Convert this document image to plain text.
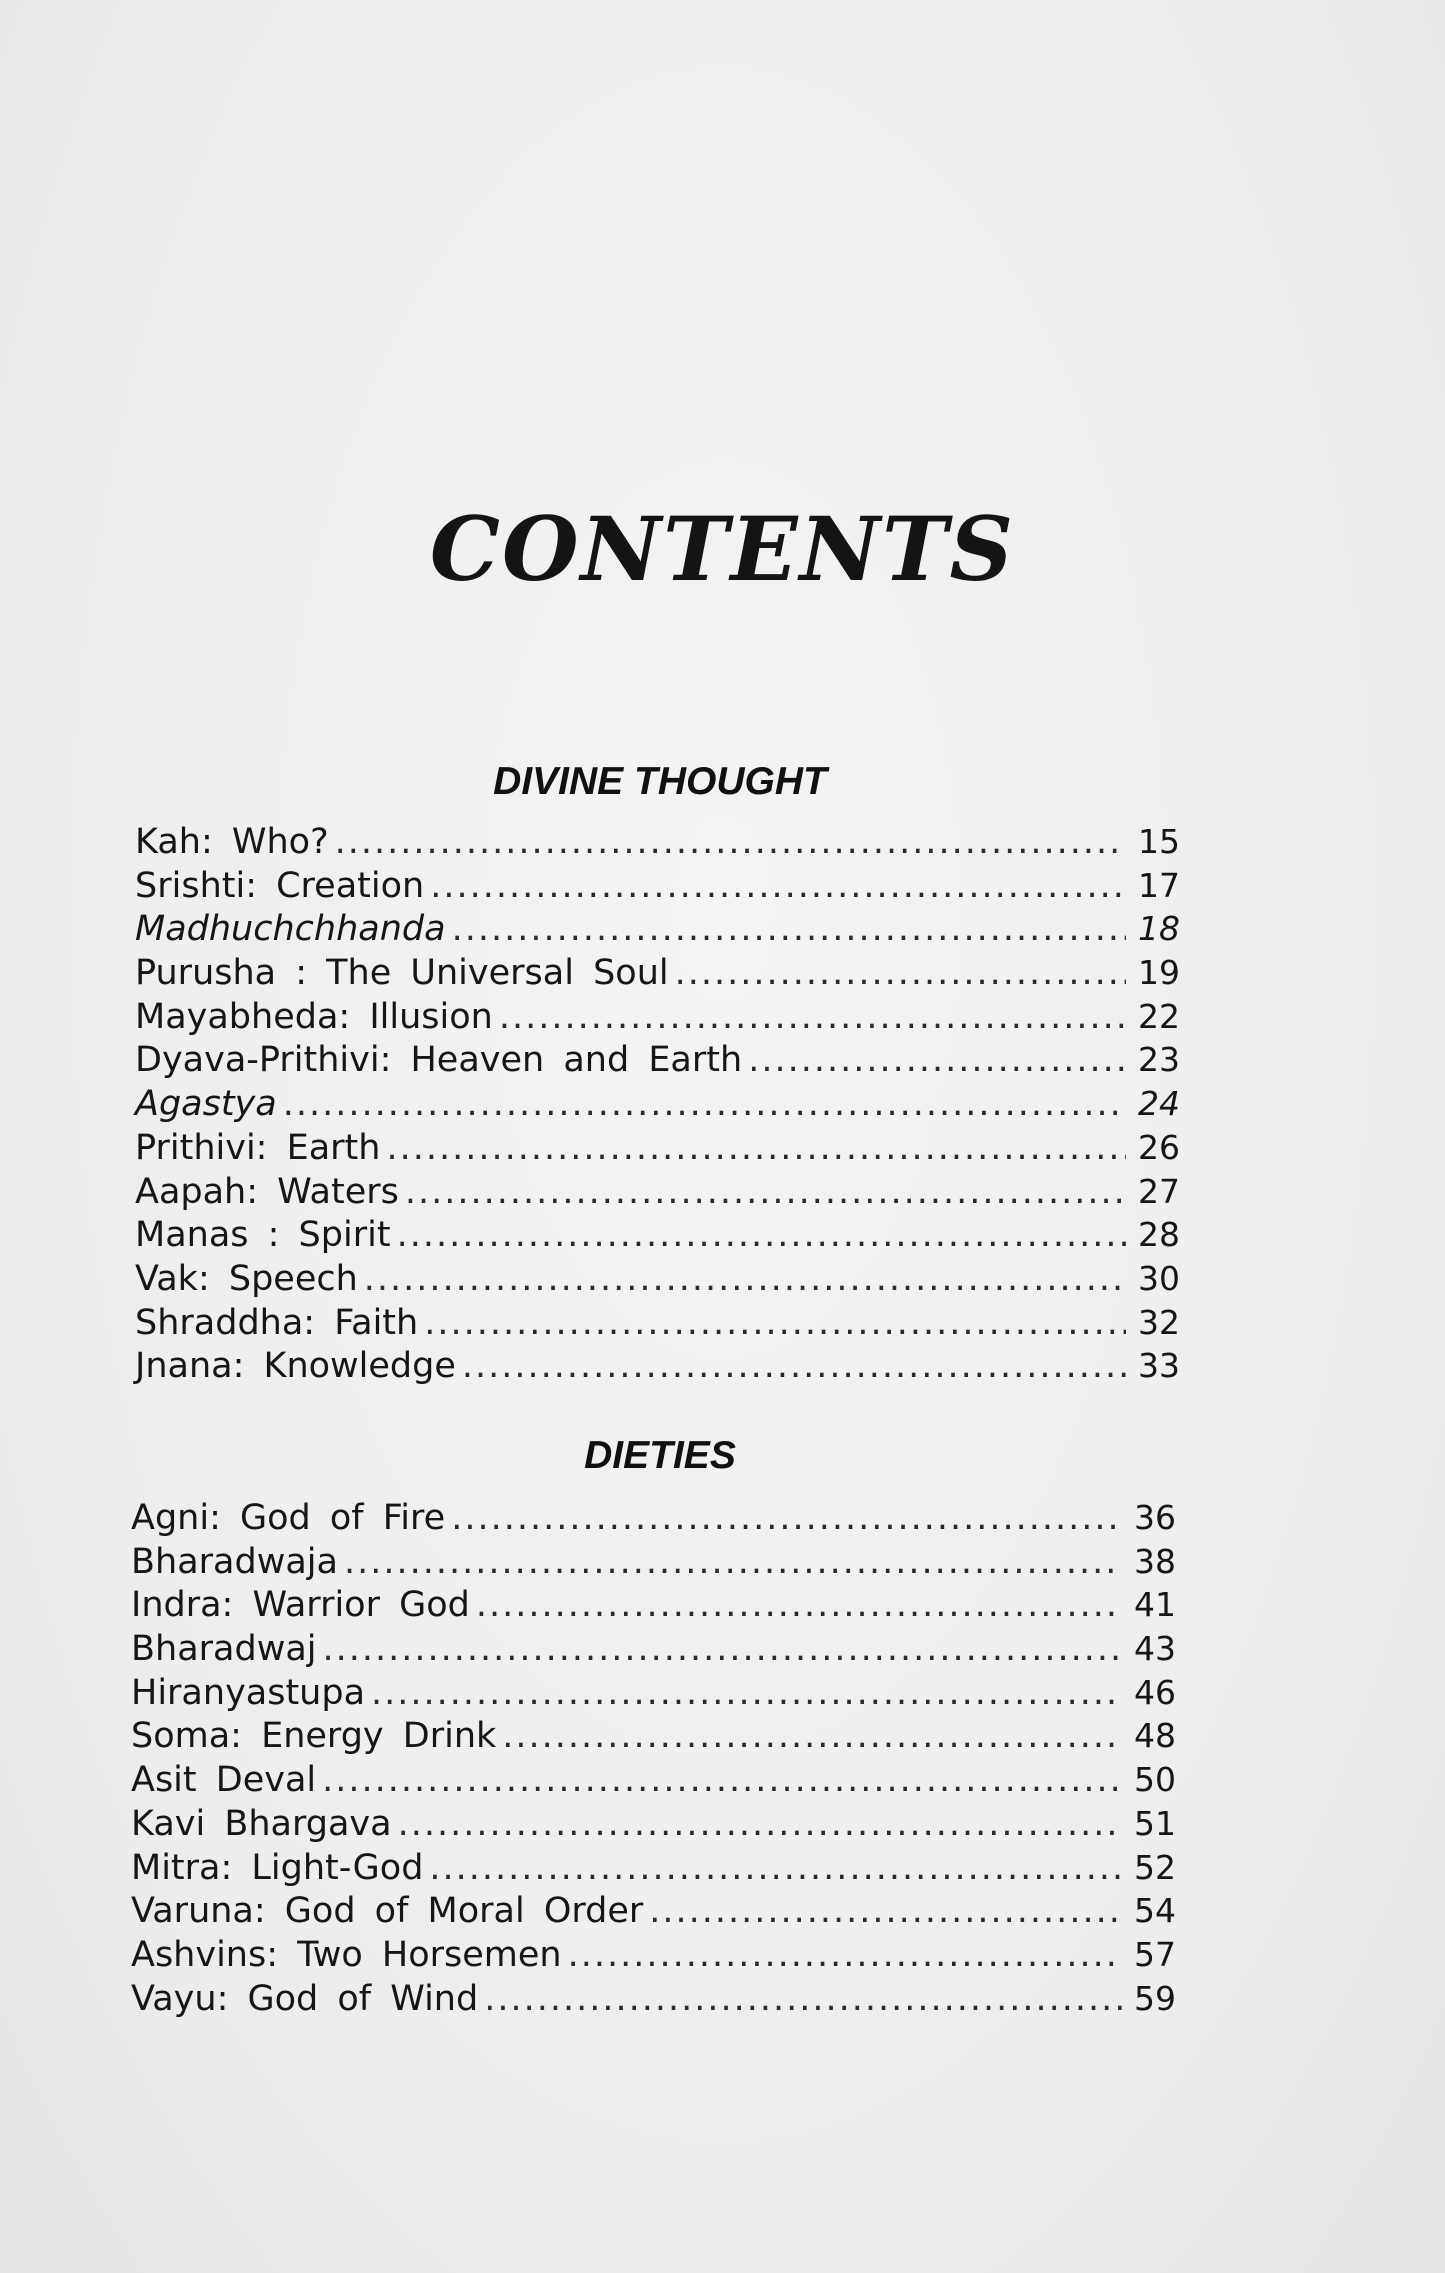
CONTENTS
DIVINE THOUGHT
Kah: Who? .....	15
Srishti: Creation .....	17
Madhuchchhanda .....	18
Purusha : The Universal Soul .....	19
Mayabheda: Illusion .....	22
Dyava-Prithivi: Heaven and Earth .....	23
Agastya .....	24
Prithivi: Earth .....	26
Aapah: Waters .....	27
Manas : Spirit .....	28
Vak: Speech .....	30
Shraddha: Faith .....	32
Jnana: Knowledge .....	33
DIETIES
Agni: God of Fire .....	36
Bharadwaja .....	38
Indra: Warrior God .....	41
Bharadwaj .....	43
Hiranyastupa .....	46
Soma: Energy Drink .....	48
Asit Deval .....	50
Kavi Bhargava .....	51
Mitra: Light-God .....	52
Varuna: God of Moral Order .....	54
Ashvins: Two Horsemen .....	57
Vayu: God of Wind .....	59
